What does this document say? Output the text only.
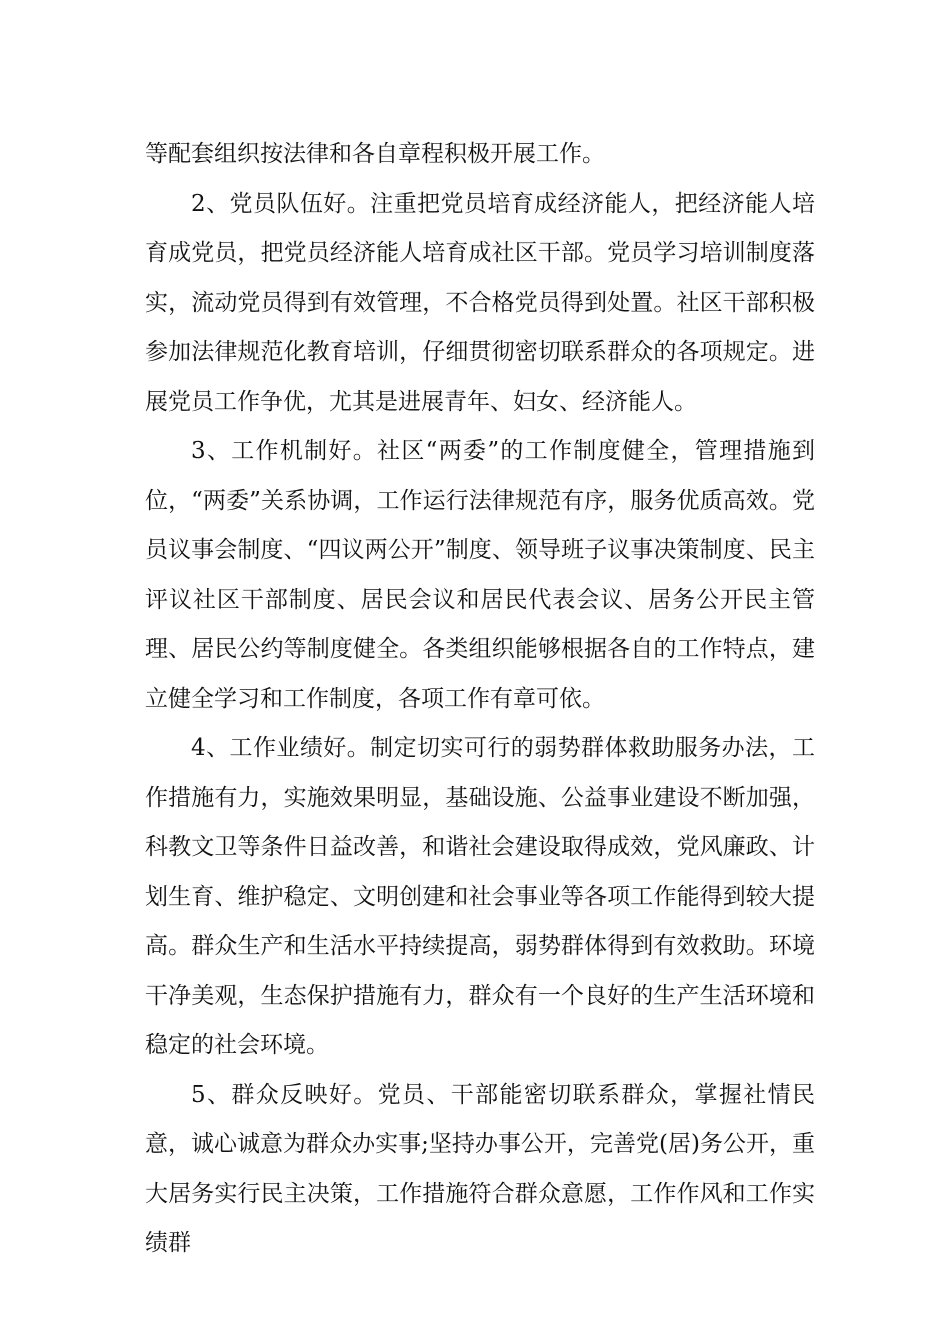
等配套组织按法律和各自章程积极开展工作。

2、党员队伍好。注重把党员培育成经济能人，把经济能人培育成党员，把党员经济能人培育成社区干部。党员学习培训制度落实，流动党员得到有效管理，不合格党员得到处置。社区干部积极参加法律规范化教育培训，仔细贯彻密切联系群众的各项规定。进展党员工作争优，尤其是进展青年、妇女、经济能人。

3、工作机制好。社区“两委”的工作制度健全，管理措施到位，“两委”关系协调，工作运行法律规范有序，服务优质高效。党员议事会制度、“四议两公开”制度、领导班子议事决策制度、民主评议社区干部制度、居民会议和居民代表会议、居务公开民主管理、居民公约等制度健全。各类组织能够根据各自的工作特点，建立健全学习和工作制度，各项工作有章可依。

4、工作业绩好。制定切实可行的弱势群体救助服务办法，工作措施有力，实施效果明显，基础设施、公益事业建设不断加强，科教文卫等条件日益改善，和谐社会建设取得成效，党风廉政、计划生育、维护稳定、文明创建和社会事业等各项工作能得到较大提高。群众生产和生活水平持续提高，弱势群体得到有效救助。环境干净美观，生态保护措施有力，群众有一个良好的生产生活环境和稳定的社会环境。

5、群众反映好。党员、干部能密切联系群众，掌握社情民意，诚心诚意为群众办实事;坚持办事公开，完善党(居)务公开，重大居务实行民主决策，工作措施符合群众意愿，工作作风和工作实绩群
